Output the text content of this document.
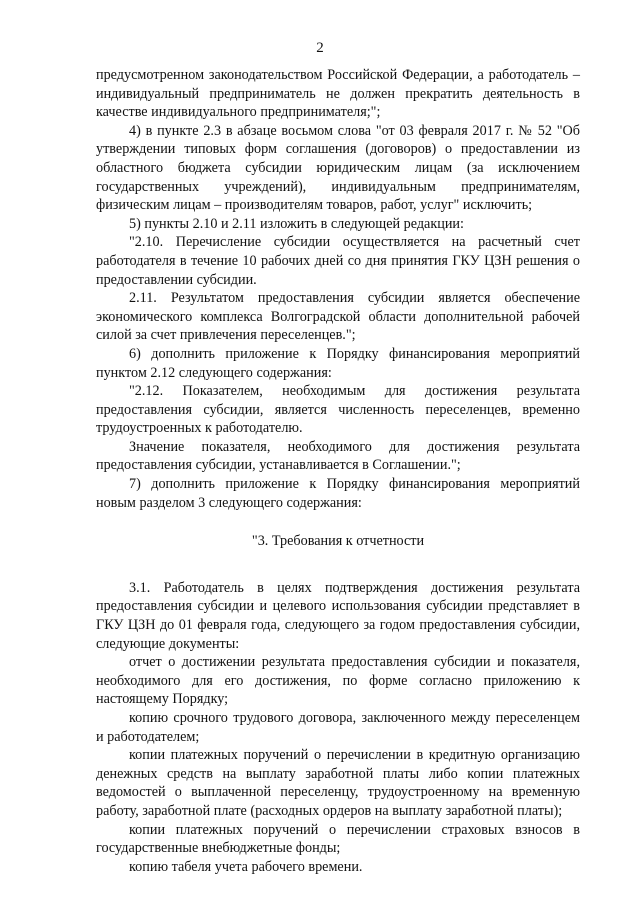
2

предусмотренном законодательством Российской Федерации, а работодатель – индивидуальный предприниматель не должен прекратить деятельность в качестве индивидуального предпринимателя;";

4) в пункте 2.3 в абзаце восьмом слова "от 03 февраля 2017 г. № 52 "Об утверждении типовых форм соглашения (договоров) о предоставлении из областного бюджета субсидии юридическим лицам (за исключением государственных учреждений), индивидуальным предпринимателям, физическим лицам – производителям товаров, работ, услуг" исключить;

5) пункты 2.10 и 2.11 изложить в следующей редакции:

"2.10. Перечисление субсидии осуществляется на расчетный счет работодателя в течение 10 рабочих дней со дня принятия ГКУ ЦЗН решения о предоставлении субсидии.

2.11. Результатом предоставления субсидии является обеспечение экономического комплекса Волгоградской области дополнительной рабочей силой за счет привлечения переселенцев.";

6) дополнить приложение к Порядку финансирования мероприятий пунктом 2.12 следующего содержания:

"2.12. Показателем, необходимым для достижения результата предоставления субсидии, является численность переселенцев, временно трудоустроенных к работодателю.

Значение показателя, необходимого для достижения результата предоставления субсидии, устанавливается в Соглашении.";

7) дополнить приложение к Порядку финансирования мероприятий новым разделом 3 следующего содержания:

"3. Требования к отчетности

3.1. Работодатель в целях подтверждения достижения результата предоставления субсидии и целевого использования субсидии представляет в ГКУ ЦЗН до 01 февраля года, следующего за годом предоставления субсидии, следующие документы:

отчет о достижении результата предоставления субсидии и показателя, необходимого для его достижения, по форме согласно приложению к настоящему Порядку;

копию срочного трудового договора, заключенного между переселенцем и работодателем;

копии платежных поручений о перечислении в кредитную организацию денежных средств на выплату заработной платы либо копии платежных ведомостей о выплаченной переселенцу, трудоустроенному на временную работу, заработной плате (расходных ордеров на выплату заработной платы);

копии платежных поручений о перечислении страховых взносов в государственные внебюджетные фонды;

копию табеля учета рабочего времени.
